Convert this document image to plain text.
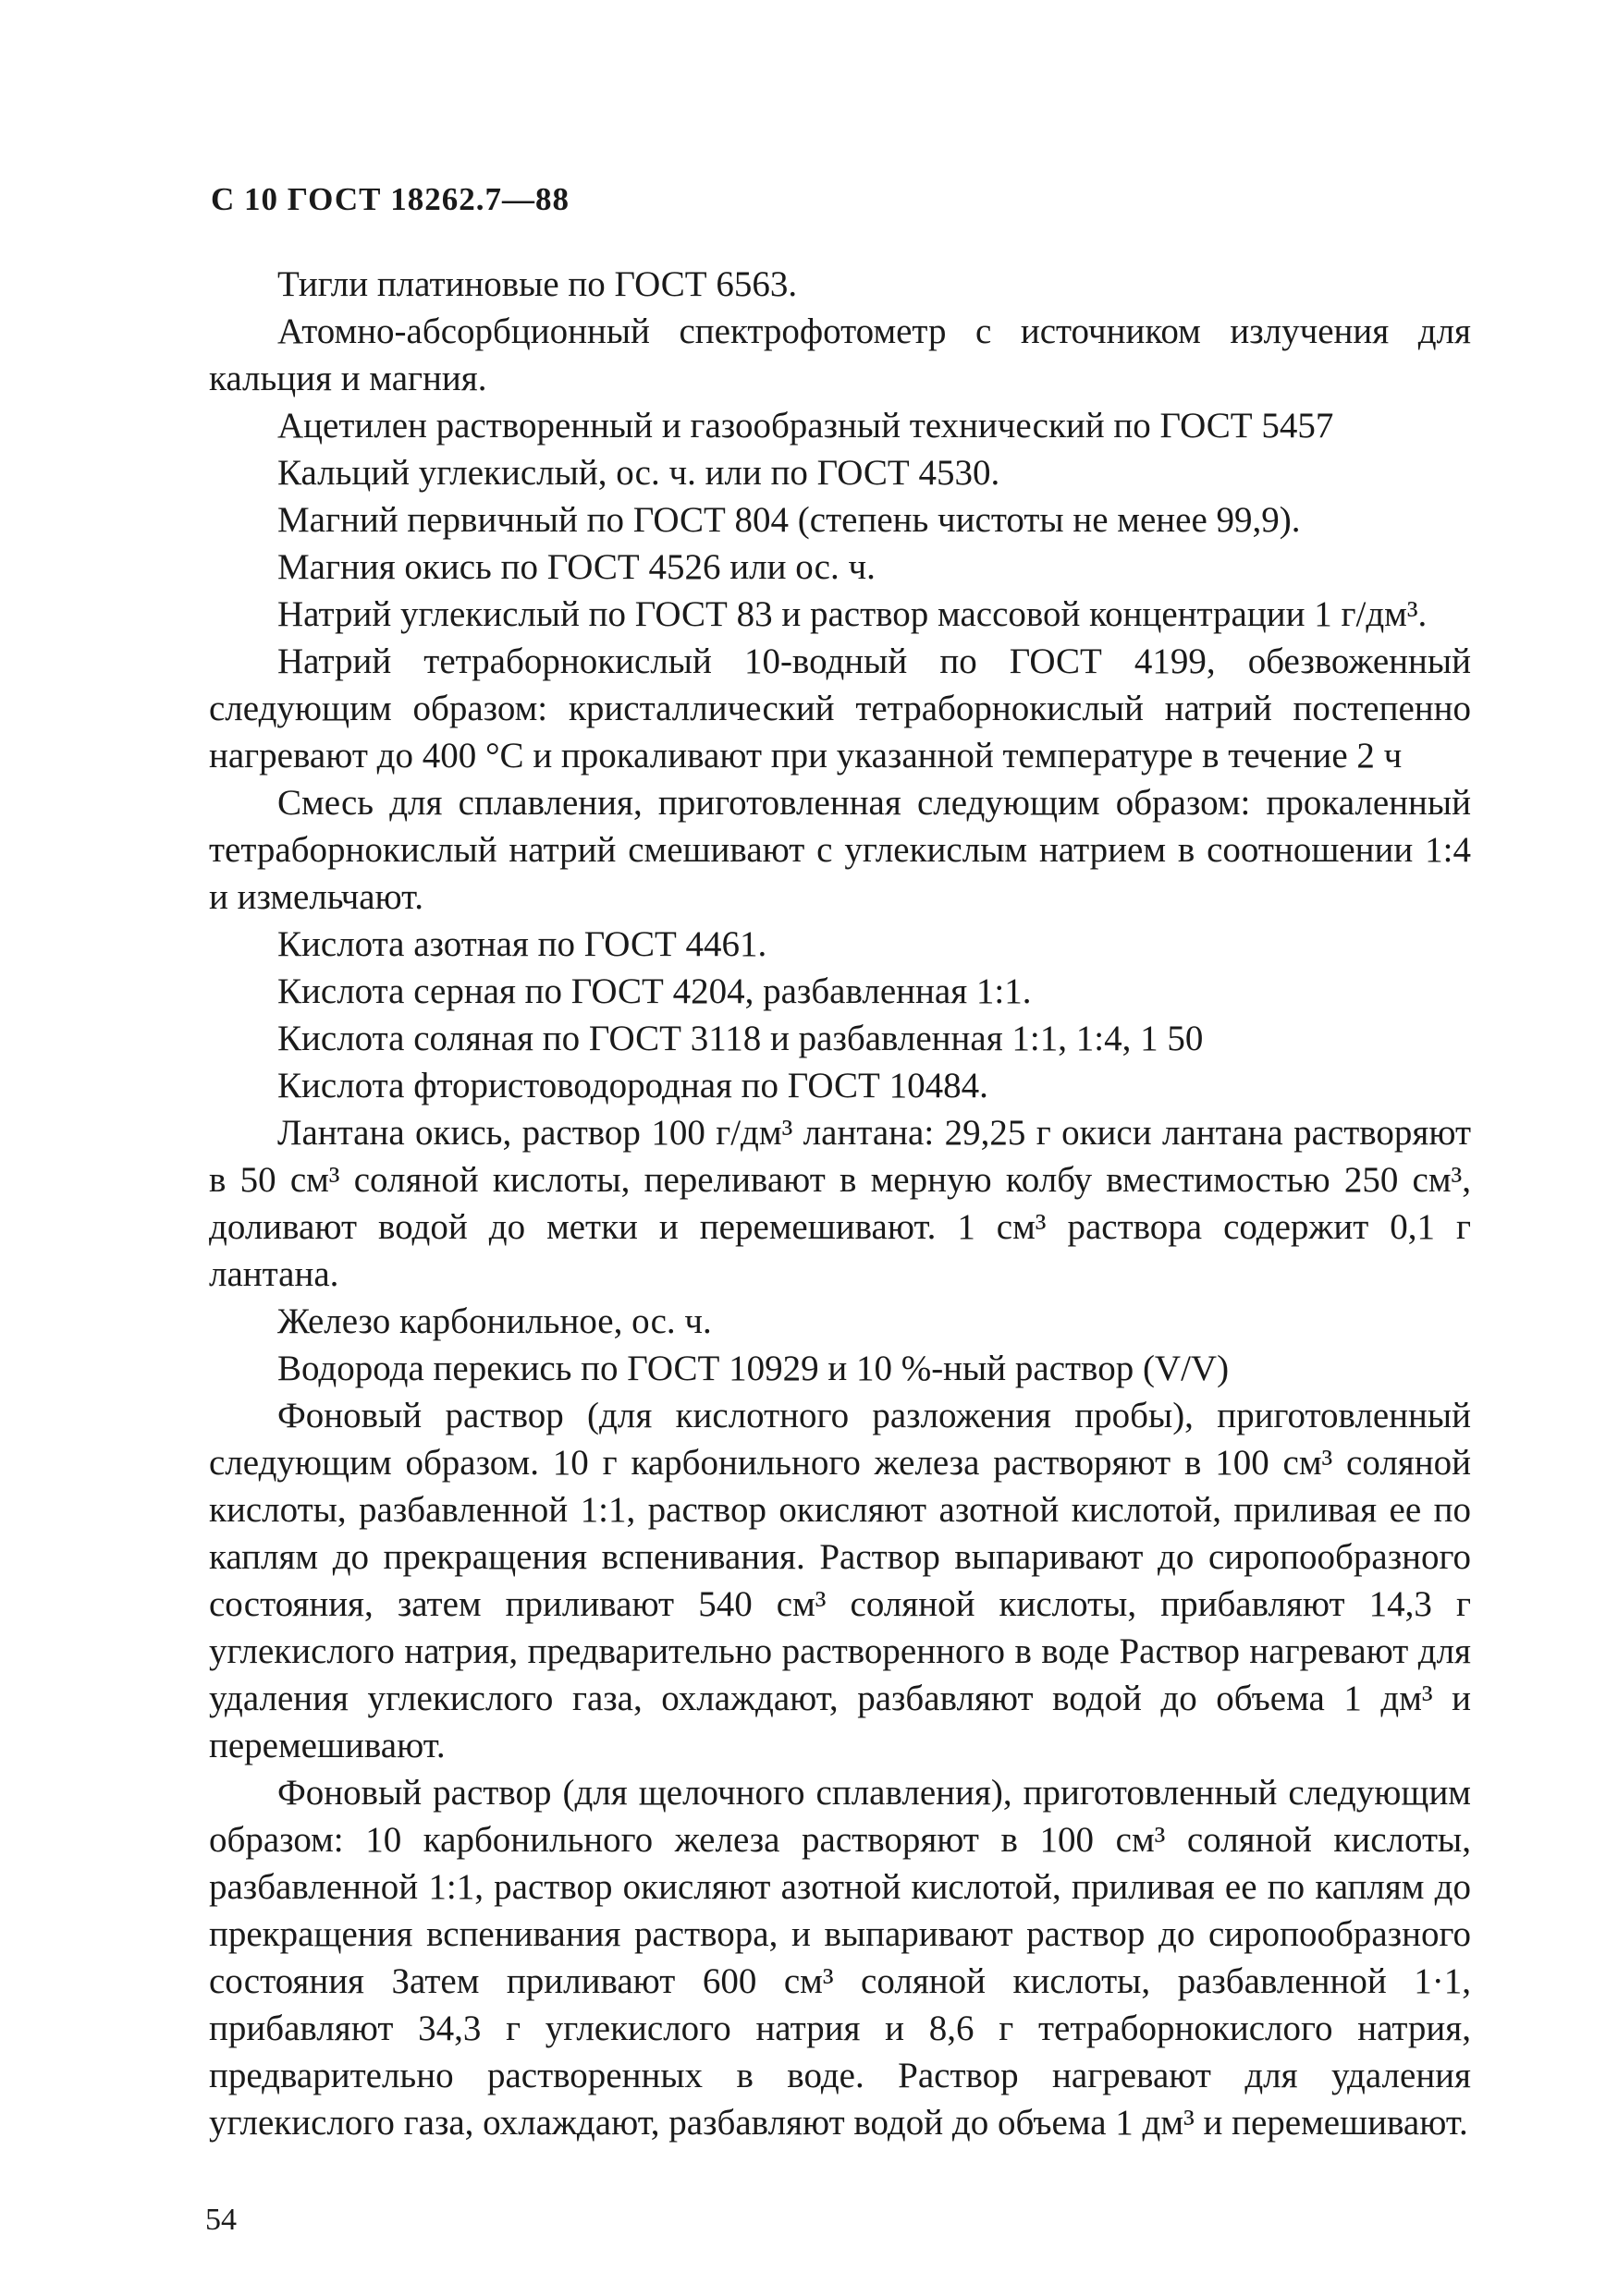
С 10 ГОСТ 18262.7—88

Тигли платиновые по ГОСТ 6563.

Атомно-абсорбционный спектрофотометр с источником излучения для кальция и магния.

Ацетилен растворенный и газообразный технический по ГОСТ 5457

Кальций углекислый, ос. ч. или по ГОСТ 4530.

Магний первичный по ГОСТ 804 (степень чистоты не менее 99,9).

Магния окись по ГОСТ 4526 или ос. ч.

Натрий углекислый по ГОСТ 83 и раствор массовой концентрации 1 г/дм³.

Натрий тетраборнокислый 10-водный по ГОСТ 4199, обезвоженный следующим образом: кристаллический тетраборнокислый натрий постепенно нагревают до 400 °С и прокаливают при указанной температуре в течение 2 ч

Смесь для сплавления, приготовленная следующим образом: прокаленный тетраборнокислый натрий смешивают с углекислым натрием в соотношении 1:4 и измельчают.

Кислота азотная по ГОСТ 4461.

Кислота серная по ГОСТ 4204, разбавленная 1:1.

Кислота соляная по ГОСТ 3118 и разбавленная 1:1, 1:4, 1 50

Кислота фтористоводородная по ГОСТ 10484.

Лантана окись, раствор 100 г/дм³ лантана: 29,25 г окиси лантана растворяют в 50 см³ соляной кислоты, переливают в мерную колбу вместимостью 250 см³, доливают водой до метки и перемешивают. 1 см³ раствора содержит 0,1 г лантана.

Железо карбонильное, ос. ч.

Водорода перекись по ГОСТ 10929 и 10 %-ный раствор (V/V)

Фоновый раствор (для кислотного разложения пробы), приготовленный следующим образом. 10 г карбонильного железа растворяют в 100 см³ соляной кислоты, разбавленной 1:1, раствор окисляют азотной кислотой, приливая ее по каплям до прекращения вспенивания. Раствор выпаривают до сиропообразного состояния, затем приливают 540 см³ соляной кислоты, прибавляют 14,3 г углекислого натрия, предварительно растворенного в воде Раствор нагревают для удаления углекислого газа, охлаждают, разбавляют водой до объема 1 дм³ и перемешивают.

Фоновый раствор (для щелочного сплавления), приготовленный следующим образом: 10 карбонильного железа растворяют в 100 см³ соляной кислоты, разбавленной 1:1, раствор окисляют азотной кислотой, приливая ее по каплям до прекращения вспенивания раствора, и выпаривают раствор до сиропообразного состояния Затем приливают 600 см³ соляной кислоты, разбавленной 1·1, прибавляют 34,3 г углекислого натрия и 8,6 г тетраборнокислого натрия, предварительно растворенных в воде. Раствор нагревают для удаления углекислого газа, охлаждают, разбавляют водой до объема 1 дм³ и перемешивают.

54
